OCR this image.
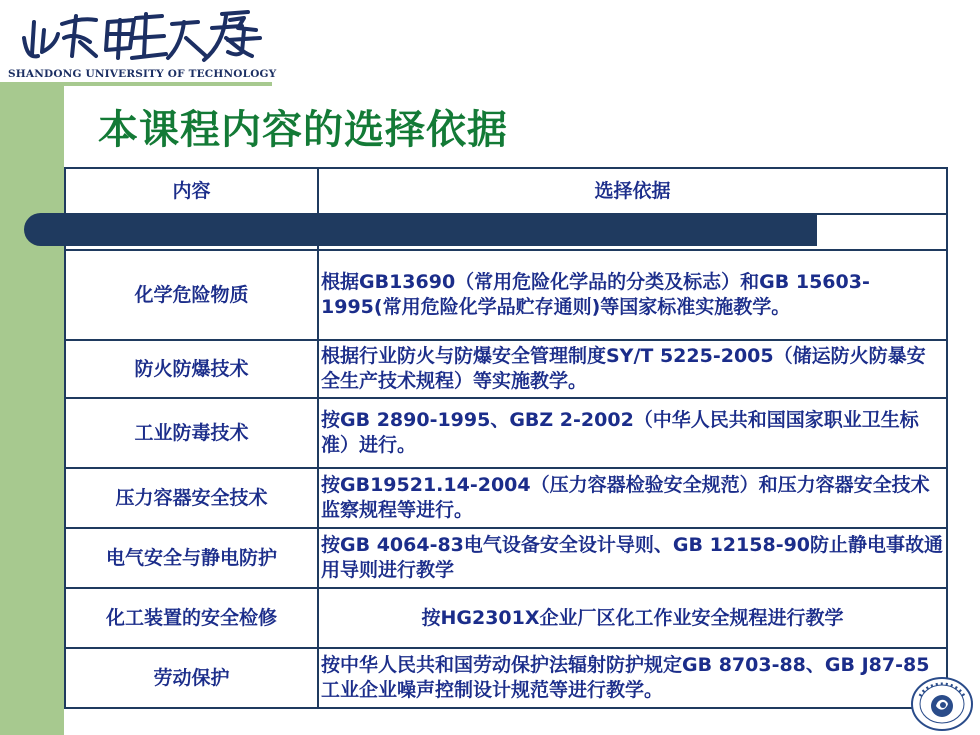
SHANDONG UNIVERSITY OF TECHNOLOGY
本课程内容的选择依据
内容	选择依据

化学危险物质	根据GB13690（常用危险化学品的分类及标志）和GB 15603-1995(常用危险化学品贮存通则)等国家标准实施教学。
防火防爆技术	根据行业防火与防爆安全管理制度SY/T 5225-2005（储运防火防暴安全生产技术规程）等实施教学。
工业防毒技术	按GB 2890-1995、GBZ 2-2002（中华人民共和国国家职业卫生标准）进行。
压力容器安全技术	按GB19521.14-2004（压力容器检验安全规范）和压力容器安全技术监察规程等进行。
电气安全与静电防护	按GB 4064-83电气设备安全设计导则、GB 12158-90防止静电事故通用导则进行教学
化工装置的安全检修	按HG2301X企业厂区化工作业安全规程进行教学
劳动保护	按中华人民共和国劳动保护法辐射防护规定GB 8703-88、GB J87-85工业企业噪声控制设计规范等进行教学。
